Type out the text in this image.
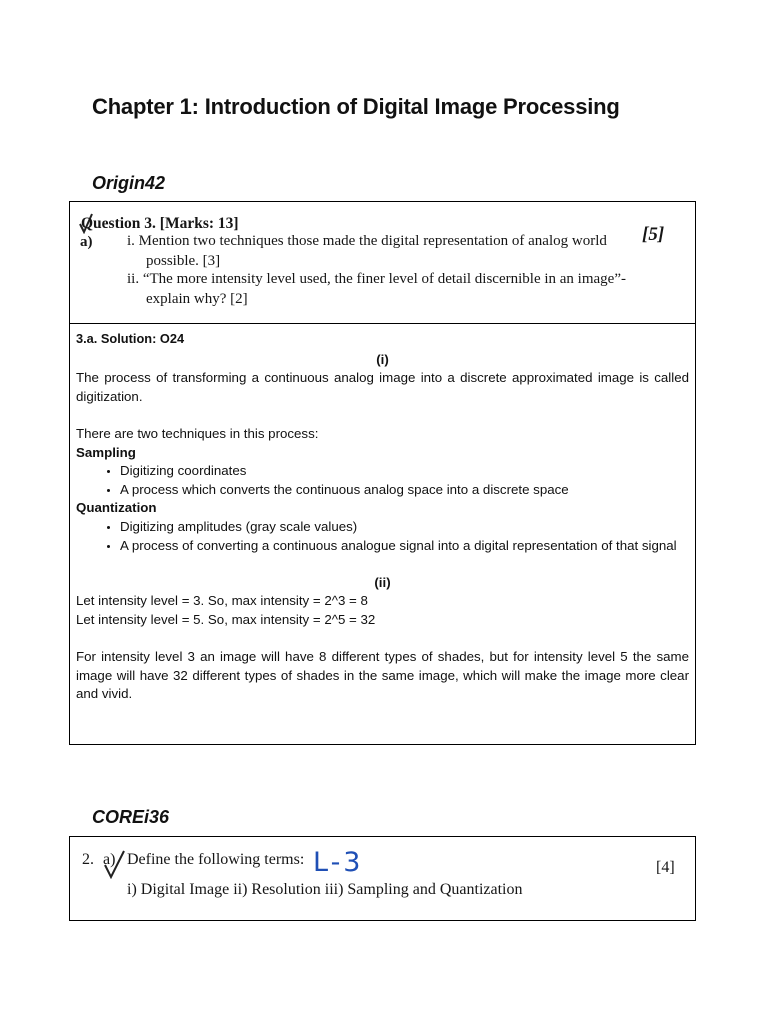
Chapter 1: Introduction of Digital Image Processing
Origin42
Question 3. [Marks: 13]
a) i. Mention two techniques those made the digital representation of analog world
possible. [3]
ii. “The more intensity level used, the finer level of detail discernible in an image”-
explain why? [2]
[5]

3.a. Solution: O24

(i)

The process of transforming a continuous analog image into a discrete approximated image is called digitization.

There are two techniques in this process:

Sampling

• Digitizing coordinates
• A process which converts the continuous analog space into a discrete space

Quantization

• Digitizing amplitudes (gray scale values)
• A process of converting a continuous analogue signal into a digital representation of that signal

(ii)

Let intensity level = 3. So, max intensity = 2^3 = 8

Let intensity level = 5. So, max intensity = 2^5 = 32

For intensity level 3 an image will have 8 different types of shades, but for intensity level 5 the same image will have 32 different types of shades in the same image, which will make the image more clear and vivid.

COREi36
2. a) Define the following terms: L-3
i) Digital Image ii) Resolution iii) Sampling and Quantization
[4]
